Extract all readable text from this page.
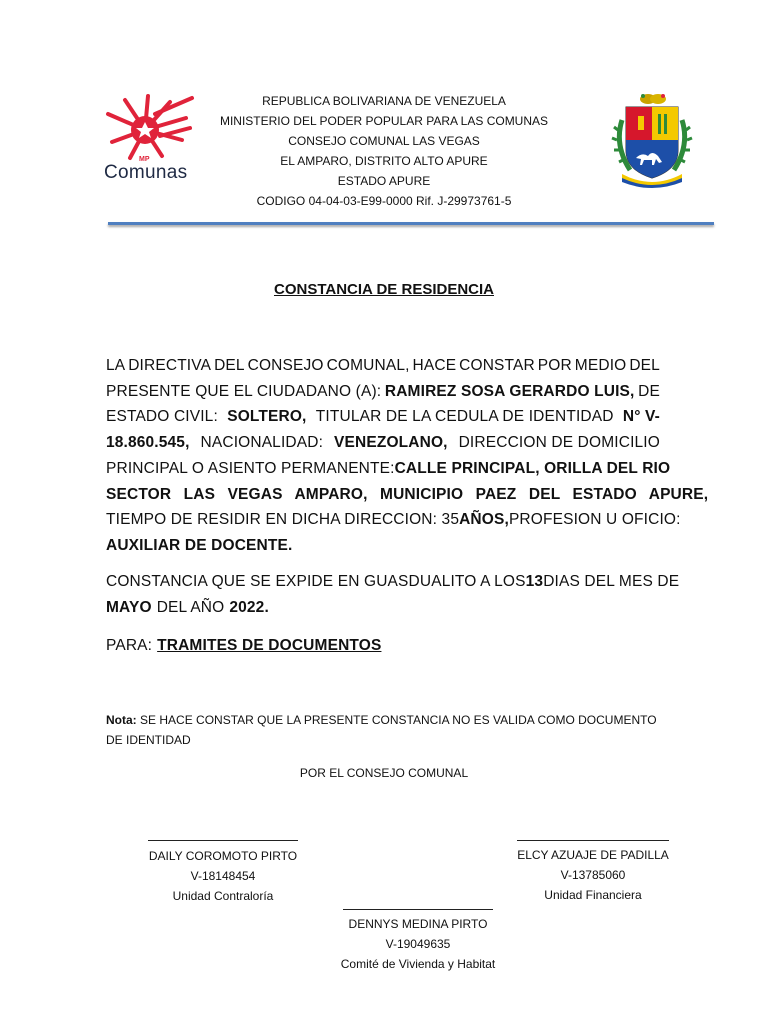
MP
Comunas
REPUBLICA BOLIVARIANA DE VENEZUELA
MINISTERIO DEL PODER POPULAR PARA LAS COMUNAS
CONSEJO COMUNAL LAS VEGAS
EL AMPARO, DISTRITO ALTO APURE
ESTADO APURE
CODIGO 04-04-03-E99-0000 Rif. J-29973761-5
CONSTANCIA DE RESIDENCIA
LA DIRECTIVA DEL CONSEJO COMUNAL, HACE CONSTAR POR MEDIO DEL
PRESENTE QUE EL CIUDADANO (A): RAMIREZ SOSA GERARDO LUIS, DE
ESTADO CIVIL: SOLTERO, TITULAR DE LA CEDULA DE IDENTIDAD N° V-
18.860.545, NACIONALIDAD: VENEZOLANO, DIRECCION DE DOMICILIO
PRINCIPAL O ASIENTO PERMANENTE: CALLE PRINCIPAL, ORILLA DEL RIO
SECTOR LAS VEGAS AMPARO, MUNICIPIO PAEZ DEL ESTADO APURE,
TIEMPO DE RESIDIR EN DICHA DIRECCION: 35 AÑOS, PROFESION U OFICIO:
AUXILIAR DE DOCENTE.
CONSTANCIA QUE SE EXPIDE EN GUASDUALITO A LOS 13 DIAS DEL MES DE
MAYO DEL AÑO 2022.
PARA: TRAMITES DE DOCUMENTOS
Nota: SE HACE CONSTAR QUE LA PRESENTE CONSTANCIA NO ES VALIDA COMO DOCUMENTO DE IDENTIDAD
POR EL CONSEJO COMUNAL
DAILY COROMOTO PIRTO
V-18148454
Unidad Contraloría
ELCY AZUAJE DE PADILLA
V-13785060
Unidad Financiera
DENNYS MEDINA PIRTO
V-19049635
Comité de Vivienda y Habitat
